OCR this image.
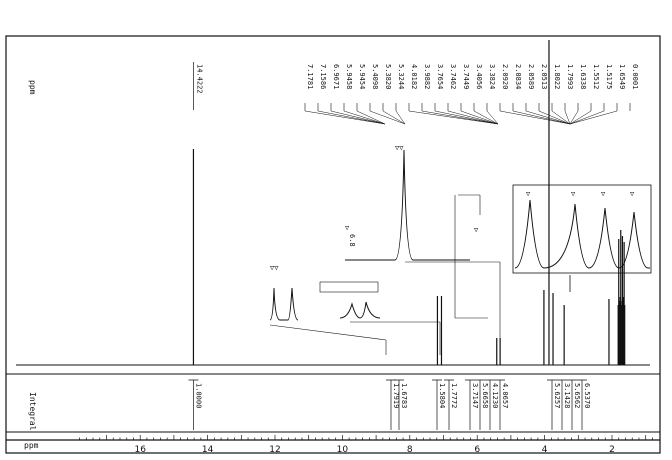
ppm
Integral
ppm	16	14	12	10	8	6	4	2
14.4222	7.1781 7.1586 6.9671 5.9458 5.9454 5.4098 5.3820 5.3244 4.0182 3.9882 3.7654 3.7462 3.7449 3.4056 3.3824 2.0920 2.0834 2.0589 2.0513 1.8022 1.7993 1.6338 1.5512 1.5175 1.6549 0.0001
1.0000	1.7919 1.6783	1.5804 1.7772 3.7147 5.6658 4.1230 4.0657	5.6257 3.1428 5.6562 6.5370
▽	▽	▽	▽
▽▽
▽	▽
6.8
▽▽
